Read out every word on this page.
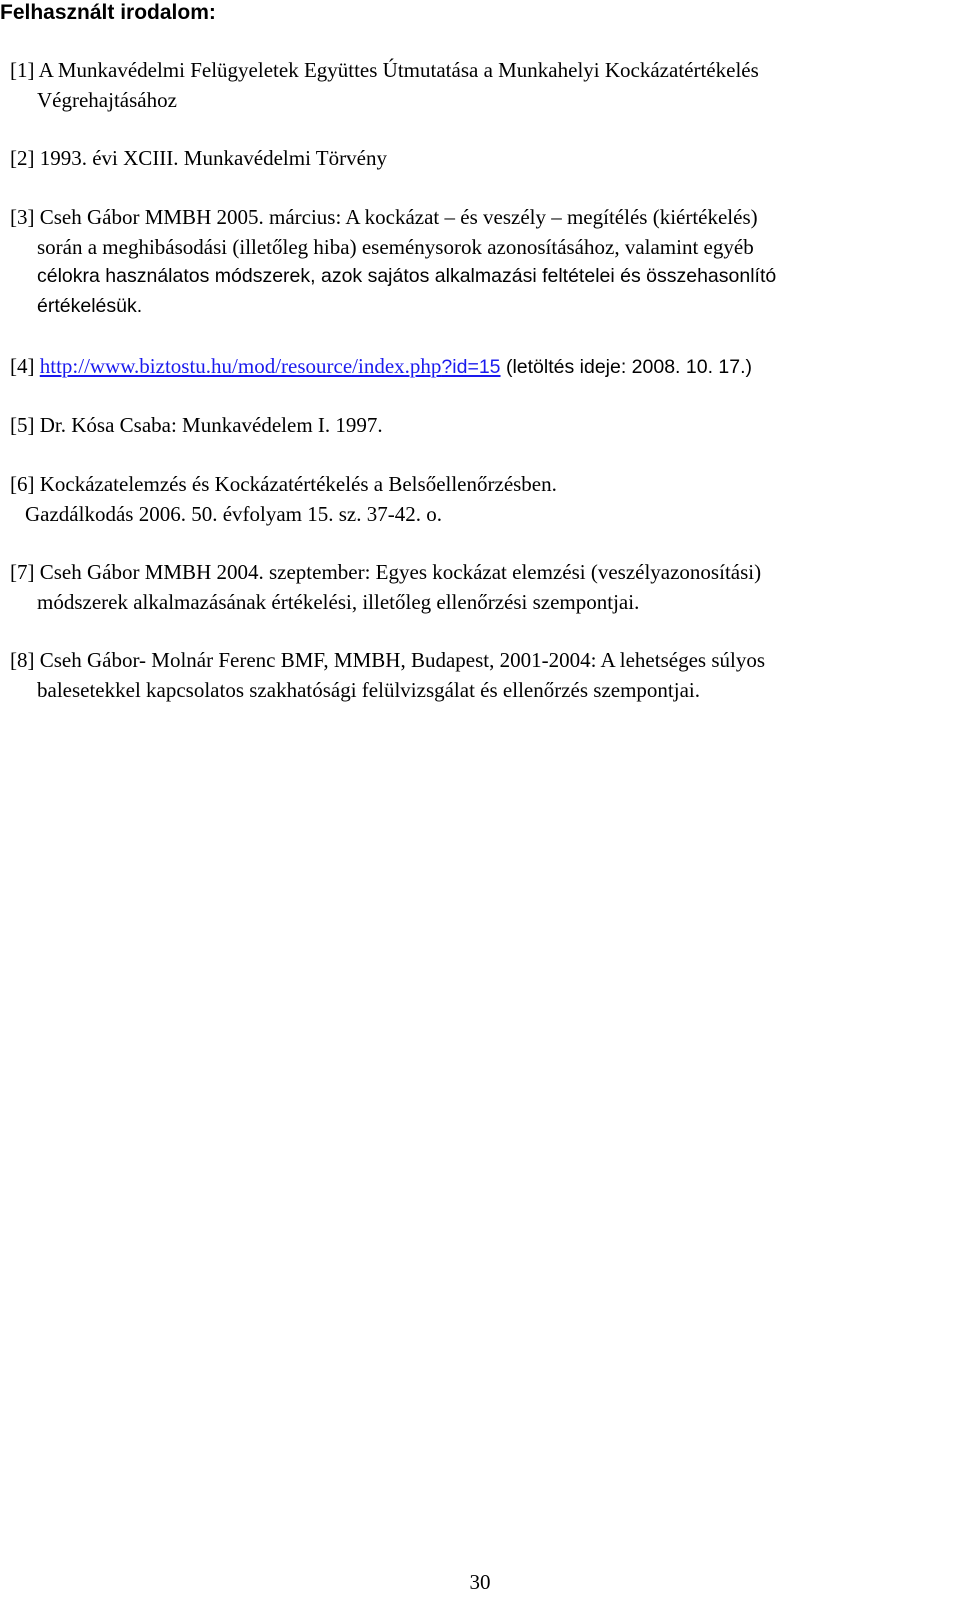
Felhasznált irodalom:
[1] A Munkavédelmi Felügyeletek Együttes Útmutatása a Munkahelyi Kockázatértékelés
Végrehajtásához
[2] 1993. évi XCIII. Munkavédelmi Törvény
[3] Cseh Gábor MMBH 2005. március: A kockázat – és veszély – megítélés (kiértékelés)
során a meghibásodási (illetőleg hiba) eseménysorok azonosításához, valamint egyéb
célokra használatos módszerek, azok sajátos alkalmazási feltételei és összehasonlító
értékelésük.
[4] http://www.biztostu.hu/mod/resource/index.php?id=15 (letöltés ideje: 2008. 10. 17.)
[5] Dr. Kósa Csaba: Munkavédelem I. 1997.
[6] Kockázatelemzés és Kockázatértékelés a Belsőellenőrzésben.
Gazdálkodás 2006. 50. évfolyam 15. sz. 37-42. o.
[7] Cseh Gábor MMBH 2004. szeptember: Egyes kockázat elemzési (veszélyazonosítási)
módszerek alkalmazásának értékelési, illetőleg ellenőrzési szempontjai.
[8] Cseh Gábor- Molnár Ferenc BMF, MMBH, Budapest, 2001-2004: A lehetséges súlyos
balesetekkel kapcsolatos szakhatósági felülvizsgálat és ellenőrzés szempontjai.

30
